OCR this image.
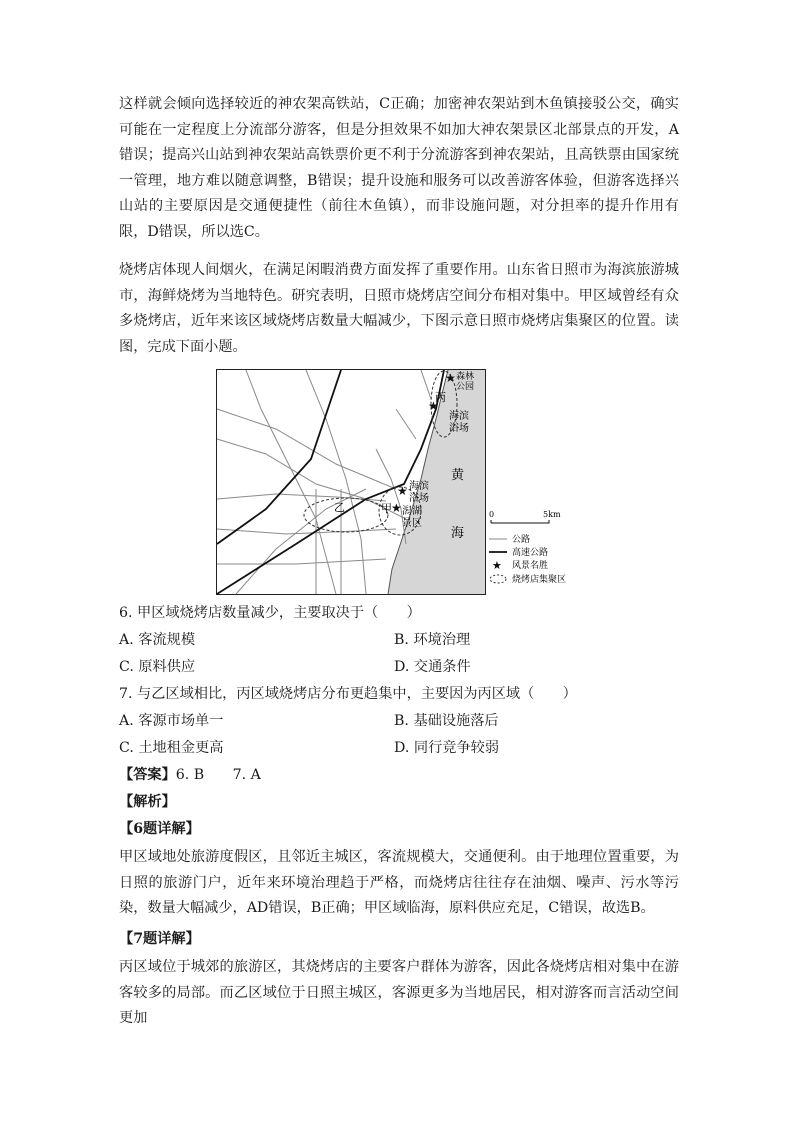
这样就会倾向选择较近的神农架高铁站，C正确；加密神农架站到木鱼镇接驳公交，确实可能在一定程度上分流部分游客，但是分担效果不如加大神农架景区北部景点的开发，A错误；提高兴山站到神农架站高铁票价更不利于分流游客到神农架站，且高铁票由国家统一管理，地方难以随意调整，B错误；提升设施和服务可以改善游客体验，但游客选择兴山站的主要原因是交通便捷性（前往木鱼镇），而非设施问题，对分担率的提升作用有限，D错误，所以选C。
烧烤店体现人间烟火，在满足闲暇消费方面发挥了重要作用。山东省日照市为海滨旅游城市，海鲜烧烤为当地特色。研究表明，日照市烧烤店空间分布相对集中。甲区域曾经有众多烧烤店，近年来该区域烧烤店数量大幅减少，下图示意日照市烧烤店集聚区的位置。读图，完成下面小题。
★
★
★
★
森林
公园
丙
海滨
浴场
黄
海
海滨
浴场
甲 潟湖
景区
乙
0	5km
公路
高速公路
★ 风景名胜
烧烤店集聚区
6. 甲区域烧烤店数量减少，主要取决于（　　）
A. 客流规模	B. 环境治理
C. 原料供应	D. 交通条件
7. 与乙区域相比，丙区域烧烤店分布更趋集中，主要因为丙区域（　　）
A. 客源市场单一	B. 基础设施落后
C. 土地租金更高	D. 同行竞争较弱
【答案】6. B　　7. A
【解析】
【6题详解】
甲区域地处旅游度假区，且邻近主城区，客流规模大，交通便利。由于地理位置重要，为日照的旅游门户，近年来环境治理趋于严格，而烧烤店往往存在油烟、噪声、污水等污染，数量大幅减少，AD错误，B正确；甲区域临海，原料供应充足，C错误，故选B。
【7题详解】
丙区域位于城郊的旅游区，其烧烤店的主要客户群体为游客，因此各烧烤店相对集中在游客较多的局部。而乙区域位于日照主城区，客源更多为当地居民，相对游客而言活动空间更加
